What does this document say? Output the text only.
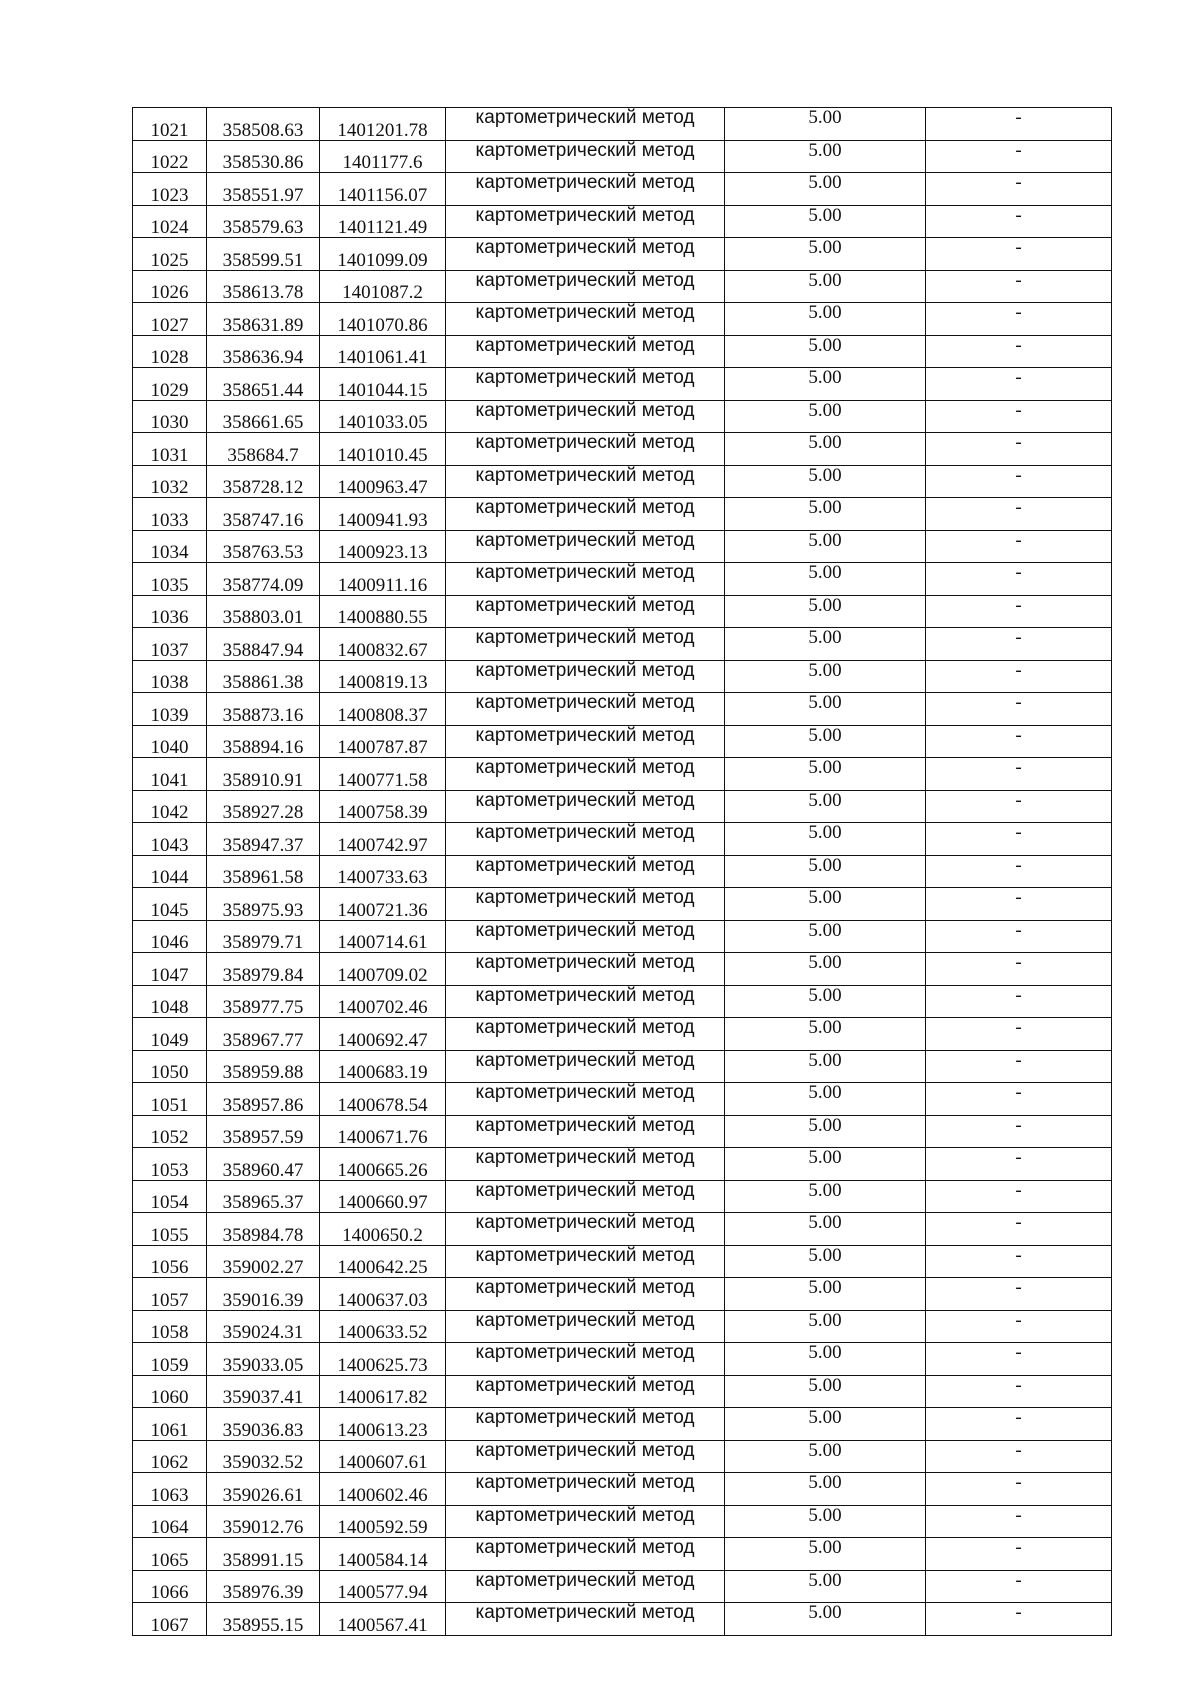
1021	358508.63	1401201.78	картометрический метод	5.00	-
1022	358530.86	1401177.6	картометрический метод	5.00	-
1023	358551.97	1401156.07	картометрический метод	5.00	-
1024	358579.63	1401121.49	картометрический метод	5.00	-
1025	358599.51	1401099.09	картометрический метод	5.00	-
1026	358613.78	1401087.2	картометрический метод	5.00	-
1027	358631.89	1401070.86	картометрический метод	5.00	-
1028	358636.94	1401061.41	картометрический метод	5.00	-
1029	358651.44	1401044.15	картометрический метод	5.00	-
1030	358661.65	1401033.05	картометрический метод	5.00	-
1031	358684.7	1401010.45	картометрический метод	5.00	-
1032	358728.12	1400963.47	картометрический метод	5.00	-
1033	358747.16	1400941.93	картометрический метод	5.00	-
1034	358763.53	1400923.13	картометрический метод	5.00	-
1035	358774.09	1400911.16	картометрический метод	5.00	-
1036	358803.01	1400880.55	картометрический метод	5.00	-
1037	358847.94	1400832.67	картометрический метод	5.00	-
1038	358861.38	1400819.13	картометрический метод	5.00	-
1039	358873.16	1400808.37	картометрический метод	5.00	-
1040	358894.16	1400787.87	картометрический метод	5.00	-
1041	358910.91	1400771.58	картометрический метод	5.00	-
1042	358927.28	1400758.39	картометрический метод	5.00	-
1043	358947.37	1400742.97	картометрический метод	5.00	-
1044	358961.58	1400733.63	картометрический метод	5.00	-
1045	358975.93	1400721.36	картометрический метод	5.00	-
1046	358979.71	1400714.61	картометрический метод	5.00	-
1047	358979.84	1400709.02	картометрический метод	5.00	-
1048	358977.75	1400702.46	картометрический метод	5.00	-
1049	358967.77	1400692.47	картометрический метод	5.00	-
1050	358959.88	1400683.19	картометрический метод	5.00	-
1051	358957.86	1400678.54	картометрический метод	5.00	-
1052	358957.59	1400671.76	картометрический метод	5.00	-
1053	358960.47	1400665.26	картометрический метод	5.00	-
1054	358965.37	1400660.97	картометрический метод	5.00	-
1055	358984.78	1400650.2	картометрический метод	5.00	-
1056	359002.27	1400642.25	картометрический метод	5.00	-
1057	359016.39	1400637.03	картометрический метод	5.00	-
1058	359024.31	1400633.52	картометрический метод	5.00	-
1059	359033.05	1400625.73	картометрический метод	5.00	-
1060	359037.41	1400617.82	картометрический метод	5.00	-
1061	359036.83	1400613.23	картометрический метод	5.00	-
1062	359032.52	1400607.61	картометрический метод	5.00	-
1063	359026.61	1400602.46	картометрический метод	5.00	-
1064	359012.76	1400592.59	картометрический метод	5.00	-
1065	358991.15	1400584.14	картометрический метод	5.00	-
1066	358976.39	1400577.94	картометрический метод	5.00	-
1067	358955.15	1400567.41	картометрический метод	5.00	-
